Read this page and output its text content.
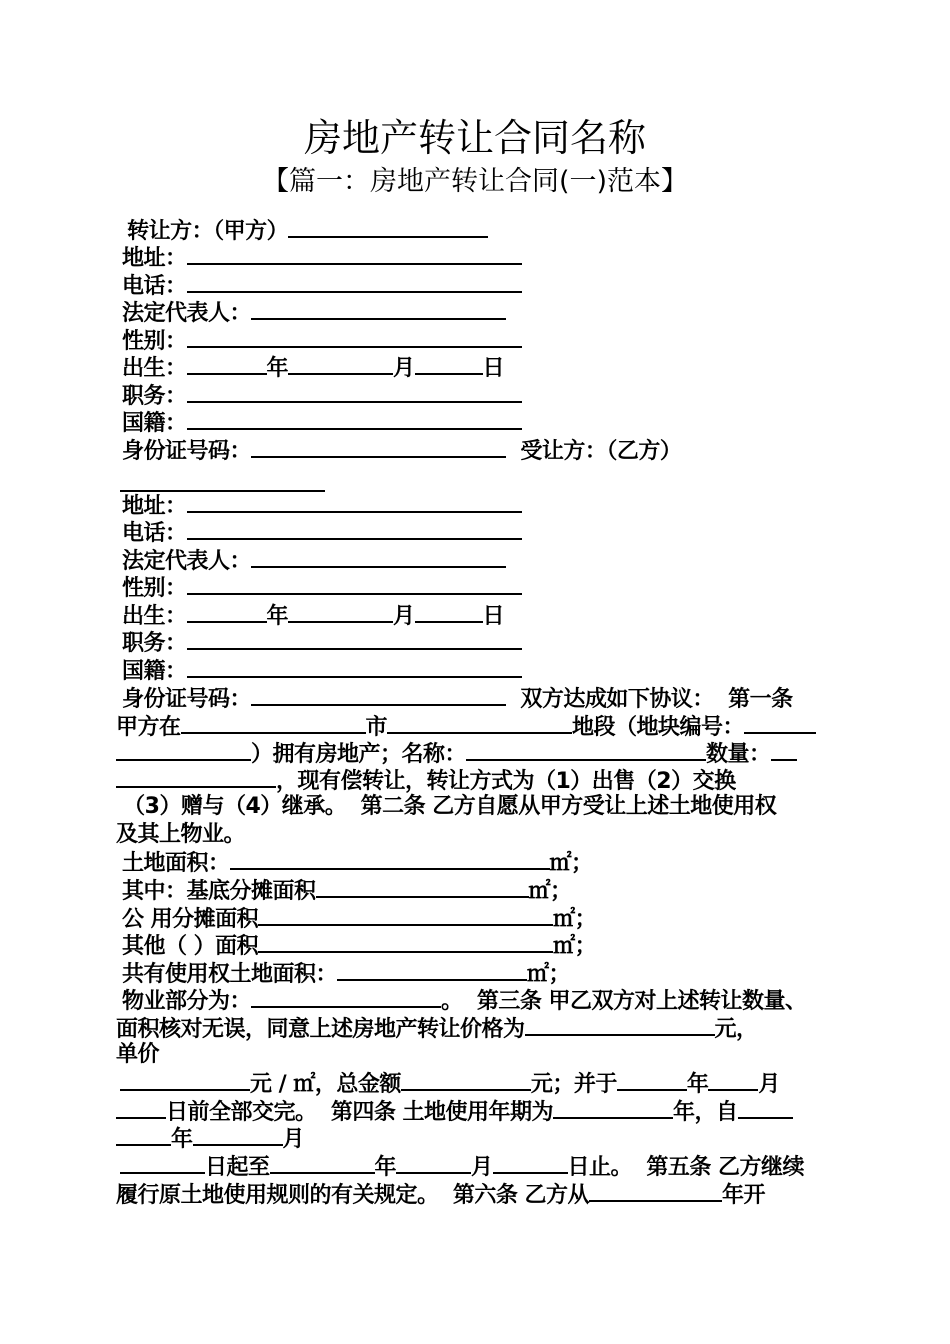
房地产转让合同名称
【篇一：房地产转让合同(一)范本】
转让方：（甲方）
地址：
电话：
法定代表人：
性别：
出生：	年	月	日
职务：
国籍：
身份证号码：	受让方：（乙方）
地址：
电话：
法定代表人：
性别：
出生：	年	月	日
职务：
国籍：
身份证号码：	双方达成如下协议：  第一条
甲方在	市	地段（地块编号：
）拥有房地产；名称：	数量：
，现有偿转让，转让方式为（1）出售（2）交换
（3）赠与（4）继承。  第二条 乙方自愿从甲方受让上述土地使用权
及其上物业。
土地面积：	㎡；
其中：基底分摊面积	㎡；
公 用分摊面积	㎡；
其他（ ）面积	㎡；
共有使用权土地面积：	㎡；
物业部分为：	。  第三条 甲乙双方对上述转让数量、
面积核对无误，同意上述房地产转让价格为	元，
单价
元 / ㎡，总金额	元；并于	年 月
日前全部交完。  第四条 土地使用年期为	年，自
年	月
日起至	年	月	日止。  第五条 乙方继续
履行原土地使用规则的有关规定。  第六条 乙方从	年开
